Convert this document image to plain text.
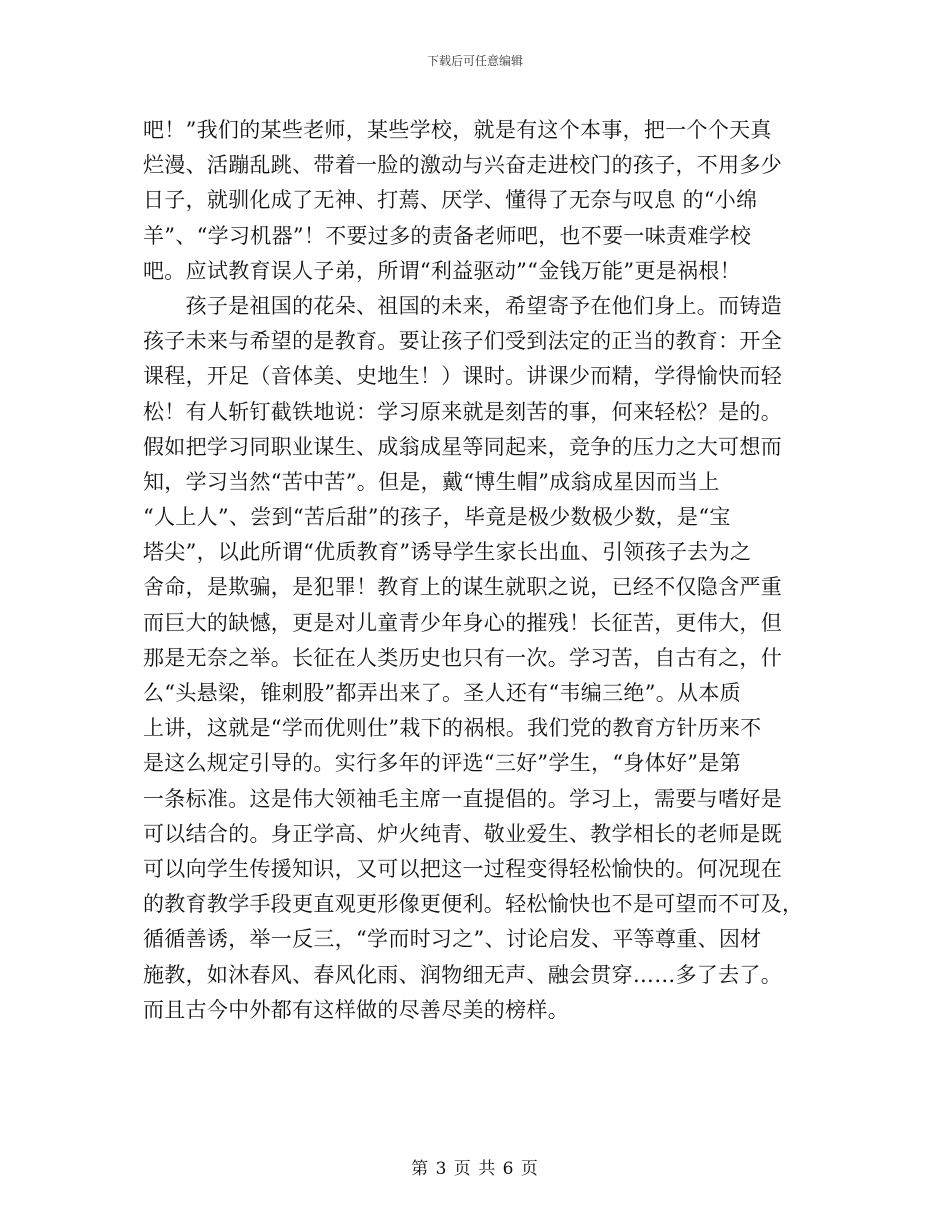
下载后可任意编辑
吧！”我们的某些老师，某些学校，就是有这个本事，把一个个天真
烂漫、活蹦乱跳、带着一脸的激动与兴奋走进校门的孩子，不用多少
日子，就驯化成了无神、打蔫、厌学、懂得了无奈与叹息 的“小绵
羊”、“学习机器”！不要过多的责备老师吧，也不要一味责难学校
吧。应试教育误人子弟，所谓“利益驱动”“金钱万能”更是祸根！
　　孩子是祖国的花朵、祖国的未来，希望寄予在他们身上。而铸造
孩子未来与希望的是教育。要让孩子们受到法定的正当的教育：开全
课程，开足（音体美、史地生！）课时。讲课少而精，学得愉快而轻
松！有人斩钉截铁地说：学习原来就是刻苦的事，何来轻松？是的。
假如把学习同职业谋生、成翁成星等同起来，竞争的压力之大可想而
知，学习当然“苦中苦”。但是，戴“博生帽”成翁成星因而当上
“人上人”、尝到“苦后甜”的孩子，毕竟是极少数极少数，是“宝
塔尖”，以此所谓“优质教育”诱导学生家长出血、引领孩子去为之
舍命，是欺骗，是犯罪！教育上的谋生就职之说，已经不仅隐含严重
而巨大的缺憾，更是对儿童青少年身心的摧残！长征苦，更伟大，但
那是无奈之举。长征在人类历史也只有一次。学习苦，自古有之，什
么“头悬梁，锥刺股”都弄出来了。圣人还有“韦编三绝”。从本质
上讲，这就是“学而优则仕”栽下的祸根。我们党的教育方针历来不
是这么规定引导的。实行多年的评选“三好”学生，“身体好”是第
一条标准。这是伟大领袖毛主席一直提倡的。学习上，需要与嗜好是
可以结合的。身正学高、炉火纯青、敬业爱生、教学相长的老师是既
可以向学生传援知识，又可以把这一过程变得轻松愉快的。何况现在
的教育教学手段更直观更形像更便利。轻松愉快也不是可望而不可及，
循循善诱，举一反三，“学而时习之”、讨论启发、平等尊重、因材
施教，如沐春风、春风化雨、润物细无声、融会贯穿……多了去了。
而且古今中外都有这样做的尽善尽美的榜样。
第 3 页 共 6 页
